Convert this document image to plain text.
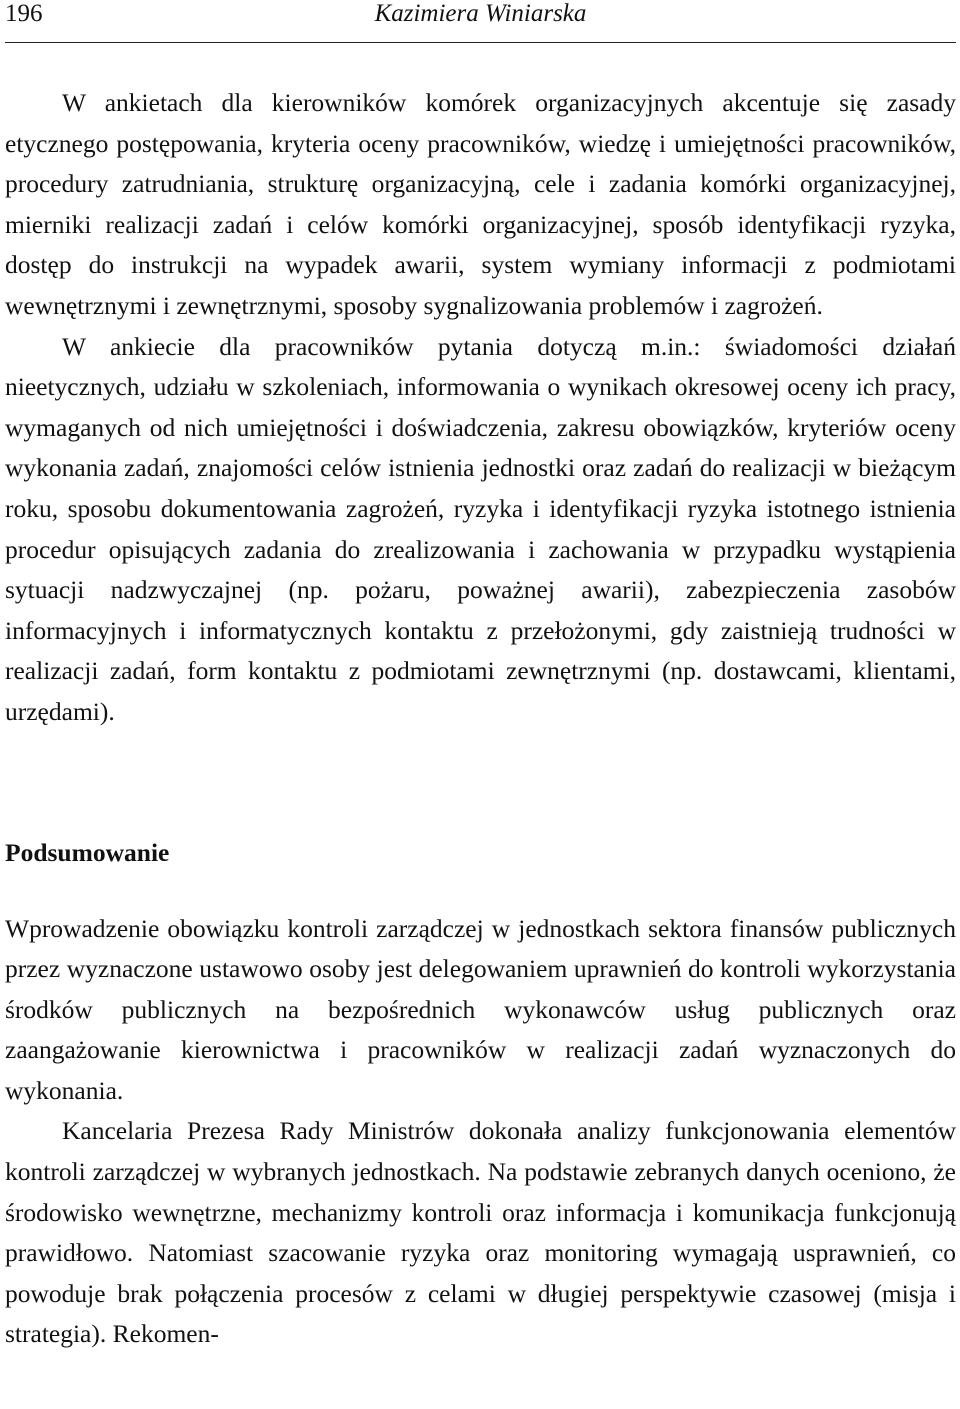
196	Kazimiera Winiarska

W ankietach dla kierowników komórek organizacyjnych akcentuje się zasady etycznego postępowania, kryteria oceny pracowników, wiedzę i umiejętności pracowników, procedury zatrudniania, strukturę organizacyjną, cele i zadania komórki organizacyjnej, mierniki realizacji zadań i celów komórki organizacyjnej, sposób identyfikacji ryzyka, dostęp do instrukcji na wypadek awarii, system wymiany informacji z podmiotami wewnętrznymi i zewnętrznymi, sposoby sygnalizowania problemów i zagrożeń.

W ankiecie dla pracowników pytania dotyczą m.in.: świadomości działań nieetycznych, udziału w szkoleniach, informowania o wynikach okresowej oceny ich pracy, wymaganych od nich umiejętności i doświadczenia, zakresu obowiązków, kryteriów oceny wykonania zadań, znajomości celów istnienia jednostki oraz zadań do realizacji w bieżącym roku, sposobu dokumentowania zagrożeń, ryzyka i identyfikacji ryzyka istotnego istnienia procedur opisujących zadania do zrealizowania i zachowania w przypadku wystąpienia sytuacji nadzwyczajnej (np. pożaru, poważnej awarii), zabezpieczenia zasobów informacyjnych i informatycznych kontaktu z przełożonymi, gdy zaistnieją trudności w realizacji zadań, form kontaktu z podmiotami zewnętrznymi (np. dostawcami, klientami, urzędami).

Podsumowanie

Wprowadzenie obowiązku kontroli zarządczej w jednostkach sektora finansów publicznych przez wyznaczone ustawowo osoby jest delegowaniem uprawnień do kontroli wykorzystania środków publicznych na bezpośrednich wykonawców usług publicznych oraz zaangażowanie kierownictwa i pracowników w realizacji zadań wyznaczonych do wykonania.

Kancelaria Prezesa Rady Ministrów dokonała analizy funkcjonowania elementów kontroli zarządczej w wybranych jednostkach. Na podstawie zebranych danych oceniono, że środowisko wewnętrzne, mechanizmy kontroli oraz informacja i komunikacja funkcjonują prawidłowo. Natomiast szacowanie ryzyka oraz monitoring wymagają usprawnień, co powoduje brak połączenia procesów z celami w długiej perspektywie czasowej (misja i strategia). Rekomen-
